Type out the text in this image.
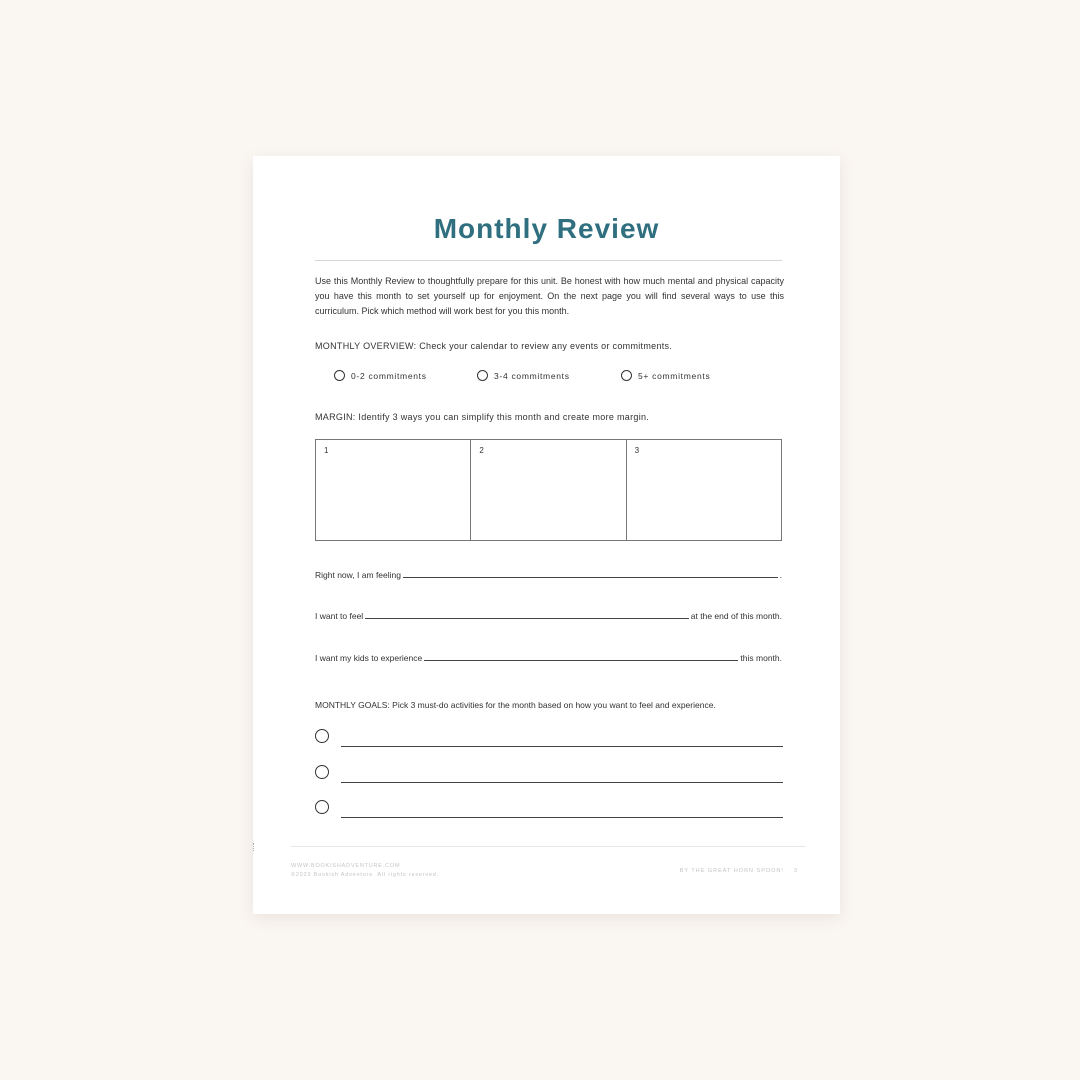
Monthly Review

Use this Monthly Review to thoughtfully prepare for this unit. Be honest with how much mental and physical capacity you have this month to set yourself up for enjoyment. On the next page you will find several ways to use this curriculum. Pick which method will work best for you this month.

MONTHLY OVERVIEW: Check your calendar to review any events or commitments.

0-2 commitments	3-4 commitments	5+ commitments

MARGIN: Identify 3 ways you can simplify this month and create more margin.

1	2	3
Right now, I am feeling	.
I want to feel	at the end of this month.
I want my kids to experience	this month.

MONTHLY GOALS: Pick 3 must-do activities for the month based on how you want to feel and experience.

WWW.BOOKISHADVENTURE.COM
©2023 Bookish Adventure. All rights reserved.
BY THE GREAT HORN SPOON! 3
